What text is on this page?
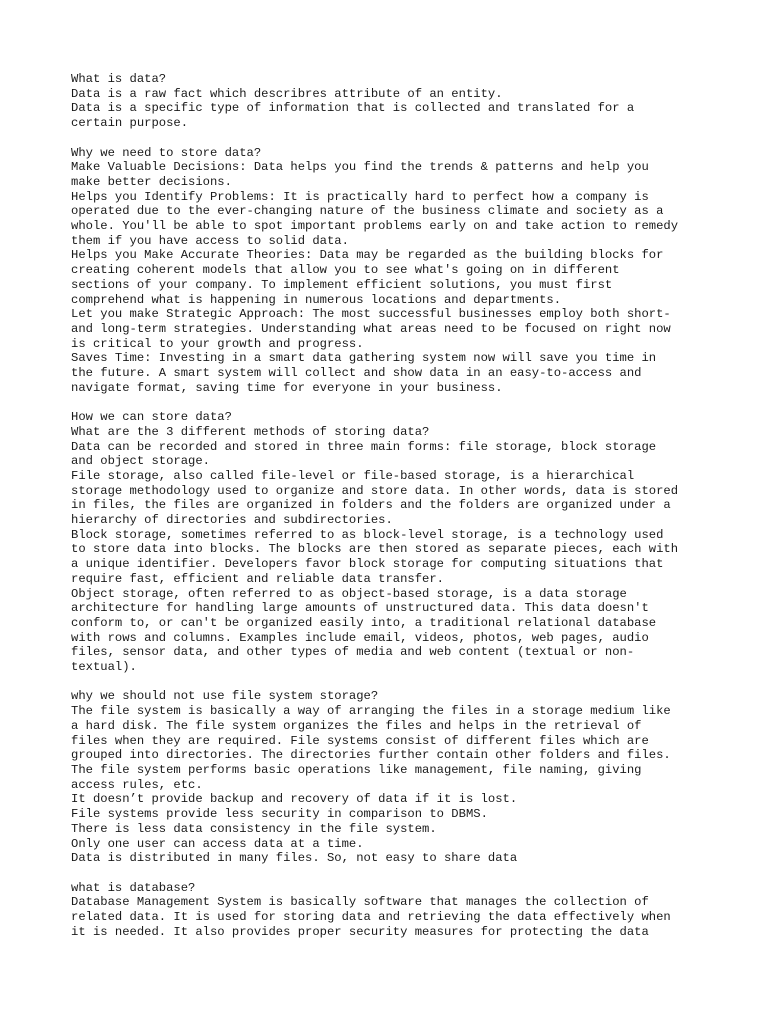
What is data?
Data is a raw fact which describres attribute of an entity.
Data is a specific type of information that is collected and translated for a
certain purpose.
Why we need to store data?
Make Valuable Decisions: Data helps you find the trends & patterns and help you
make better decisions.
Helps you Identify Problems: It is practically hard to perfect how a company is
operated due to the ever-changing nature of the business climate and society as a
whole. You'll be able to spot important problems early on and take action to remedy
them if you have access to solid data.
Helps you Make Accurate Theories: Data may be regarded as the building blocks for
creating coherent models that allow you to see what's going on in different
sections of your company. To implement efficient solutions, you must first
comprehend what is happening in numerous locations and departments.
Let you make Strategic Approach: The most successful businesses employ both short-
and long-term strategies. Understanding what areas need to be focused on right now
is critical to your growth and progress.
Saves Time: Investing in a smart data gathering system now will save you time in
the future. A smart system will collect and show data in an easy-to-access and
navigate format, saving time for everyone in your business.
How we can store data?
What are the 3 different methods of storing data?
Data can be recorded and stored in three main forms: file storage, block storage
and object storage.
File storage, also called file-level or file-based storage, is a hierarchical
storage methodology used to organize and store data. In other words, data is stored
in files, the files are organized in folders and the folders are organized under a
hierarchy of directories and subdirectories.
Block storage, sometimes referred to as block-level storage, is a technology used
to store data into blocks. The blocks are then stored as separate pieces, each with
a unique identifier. Developers favor block storage for computing situations that
require fast, efficient and reliable data transfer.
Object storage, often referred to as object-based storage, is a data storage
architecture for handling large amounts of unstructured data. This data doesn't
conform to, or can't be organized easily into, a traditional relational database
with rows and columns. Examples include email, videos, photos, web pages, audio
files, sensor data, and other types of media and web content (textual or non-
textual).
why we should not use file system storage?
The file system is basically a way of arranging the files in a storage medium like
a hard disk. The file system organizes the files and helps in the retrieval of
files when they are required. File systems consist of different files which are
grouped into directories. The directories further contain other folders and files.
The file system performs basic operations like management, file naming, giving
access rules, etc.
It doesn’t provide backup and recovery of data if it is lost.
File systems provide less security in comparison to DBMS.
There is less data consistency in the file system.
Only one user can access data at a time.
Data is distributed in many files. So, not easy to share data
what is database?
Database Management System is basically software that manages the collection of
related data. It is used for storing data and retrieving the data effectively when
it is needed. It also provides proper security measures for protecting the data
